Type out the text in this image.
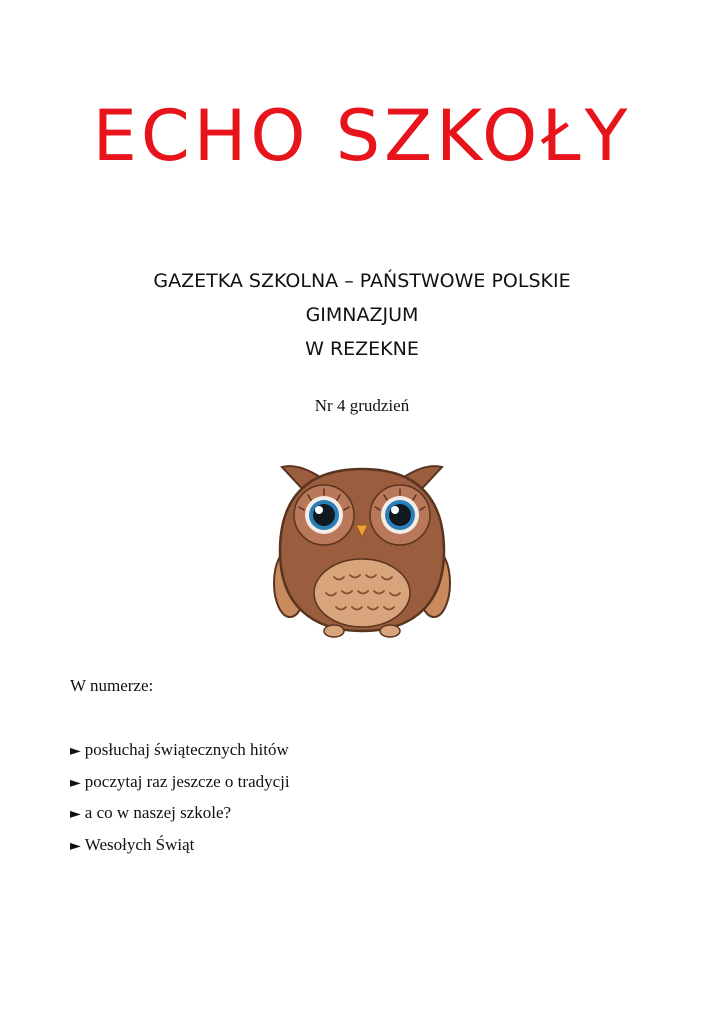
ECHO SZKOŁY

GAZETKA SZKOLNA – PAŃSTWOWE POLSKIE

GIMNAZJUM

W REZEKNE

Nr 4 grudzień

W numerze:

► posłuchaj świątecznych hitów
► poczytaj raz jeszcze o tradycji
► a co w naszej szkole?
► Wesołych Świąt
